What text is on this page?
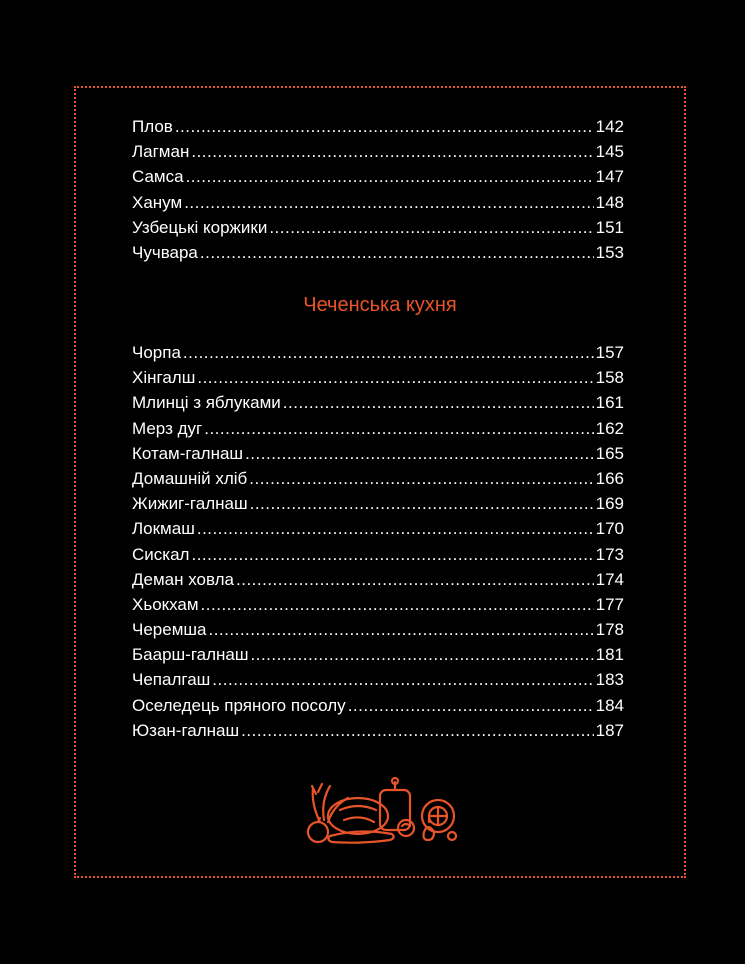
Плов .....	142
Лагман .....	145
Самса .....	147
Ханум .....	148
Узбецькі коржики .....	151
Чучвара .....	153
Чеченська кухня
Чорпа .....	157
Хінгалш .....	158
Млинці з яблуками .....	161
Мерз дуг .....	162
Котам-галнаш .....	165
Домашній хліб .....	166
Жижиг-галнаш .....	169
Локмаш .....	170
Сискал .....	173
Деман ховла .....	174
Хьокхам .....	177
Черемша .....	178
Баарш-галнаш .....	181
Чепалгаш .....	183
Оселедець пряного посолу .....	184
Юзан-галнаш .....	187
